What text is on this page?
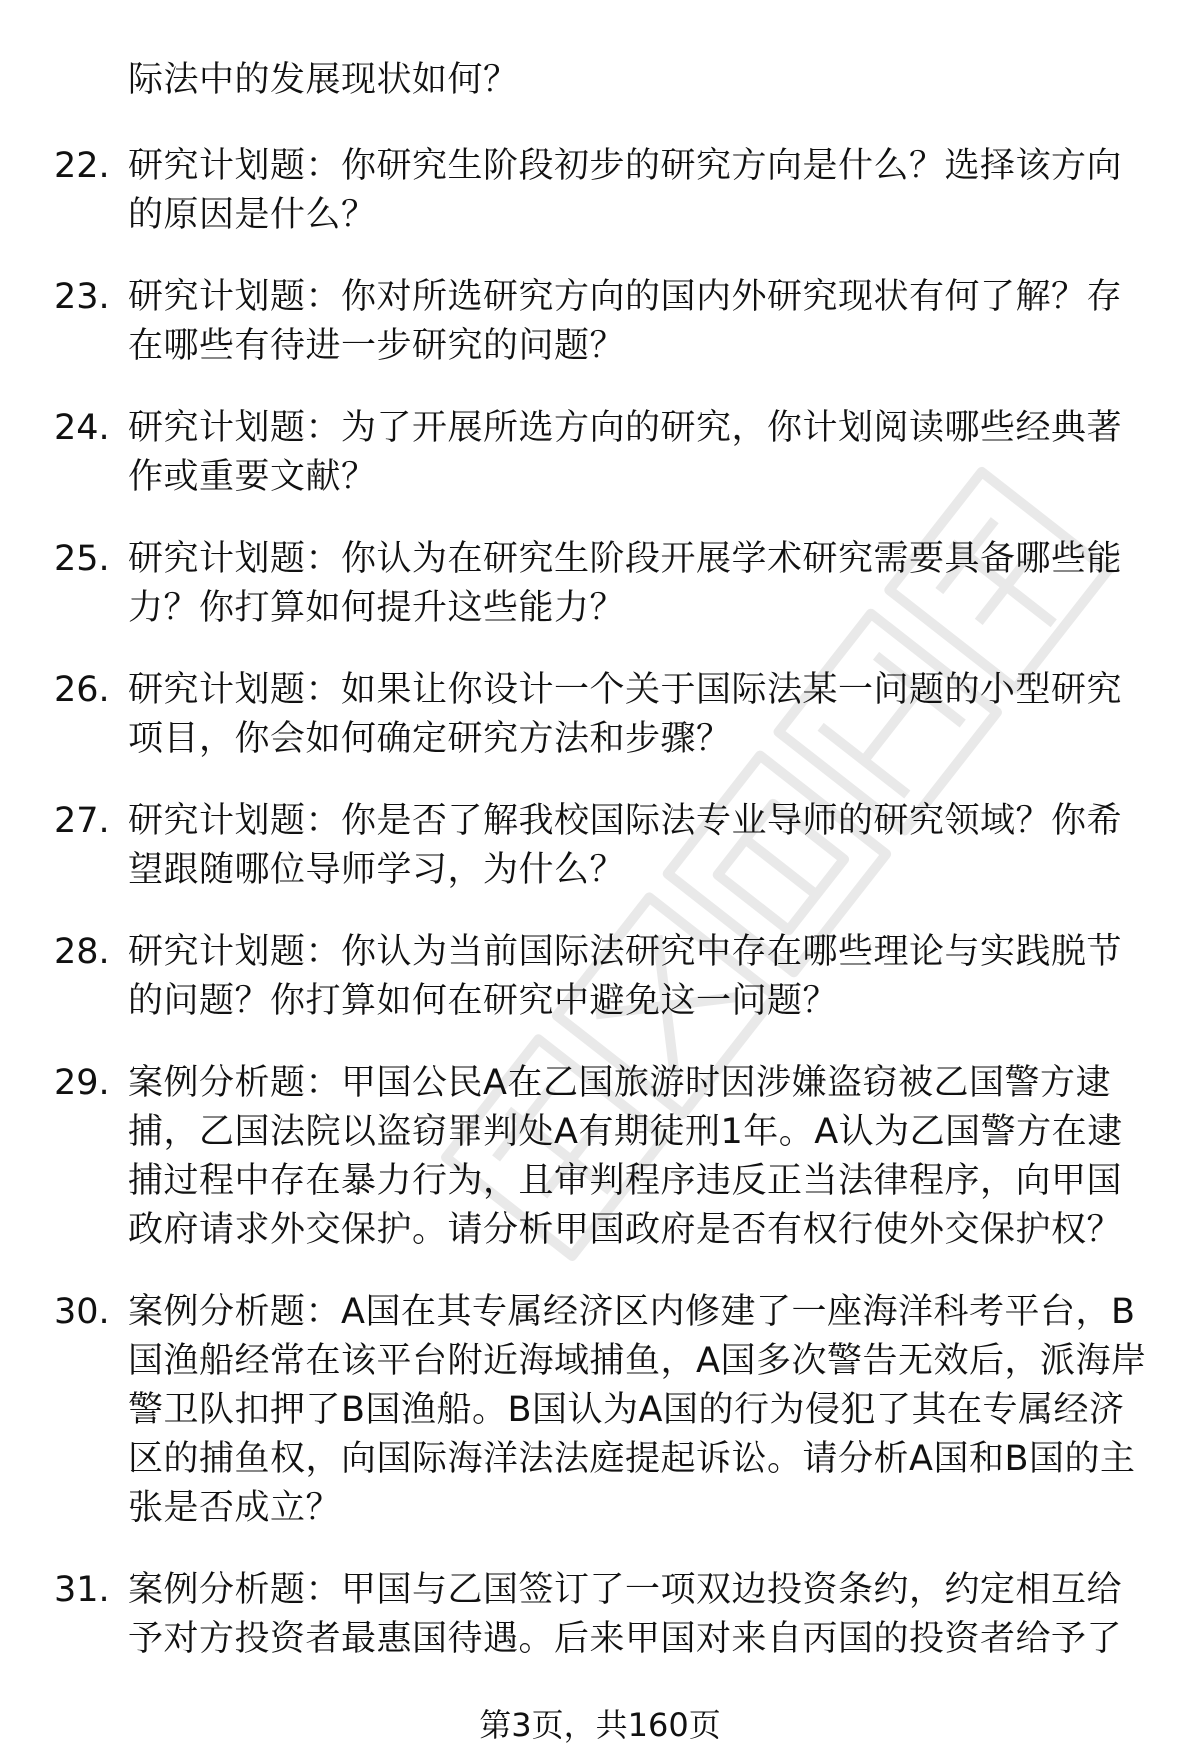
际法中的发展现状如何？
22. 研究计划题：你研究生阶段初步的研究方向是什么？选择该方向的原因是什么？
23. 研究计划题：你对所选研究方向的国内外研究现状有何了解？存在哪些有待进一步研究的问题？
24. 研究计划题：为了开展所选方向的研究，你计划阅读哪些经典著作或重要文献？
25. 研究计划题：你认为在研究生阶段开展学术研究需要具备哪些能力？你打算如何提升这些能力？
26. 研究计划题：如果让你设计一个关于国际法某一问题的小型研究项目，你会如何确定研究方法和步骤？
27. 研究计划题：你是否了解我校国际法专业导师的研究领域？你希望跟随哪位导师学习，为什么？
28. 研究计划题：你认为当前国际法研究中存在哪些理论与实践脱节的问题？你打算如何在研究中避免这一问题？
29. 案例分析题：甲国公民A在乙国旅游时因涉嫌盗窃被乙国警方逮捕，乙国法院以盗窃罪判处A有期徒刑1年。A认为乙国警方在逮捕过程中存在暴力行为，且审判程序违反正当法律程序，向甲国政府请求外交保护。请分析甲国政府是否有权行使外交保护权？
30. 案例分析题：A国在其专属经济区内修建了一座海洋科考平台，B国渔船经常在该平台附近海域捕鱼，A国多次警告无效后，派海岸警卫队扣押了B国渔船。B国认为A国的行为侵犯了其在专属经济区的捕鱼权，向国际海洋法法庭提起诉讼。请分析A国和B国的主张是否成立？
31. 案例分析题：甲国与乙国签订了一项双边投资条约，约定相互给予对方投资者最惠国待遇。后来甲国对来自丙国的投资者给予了
第3页，共160页
